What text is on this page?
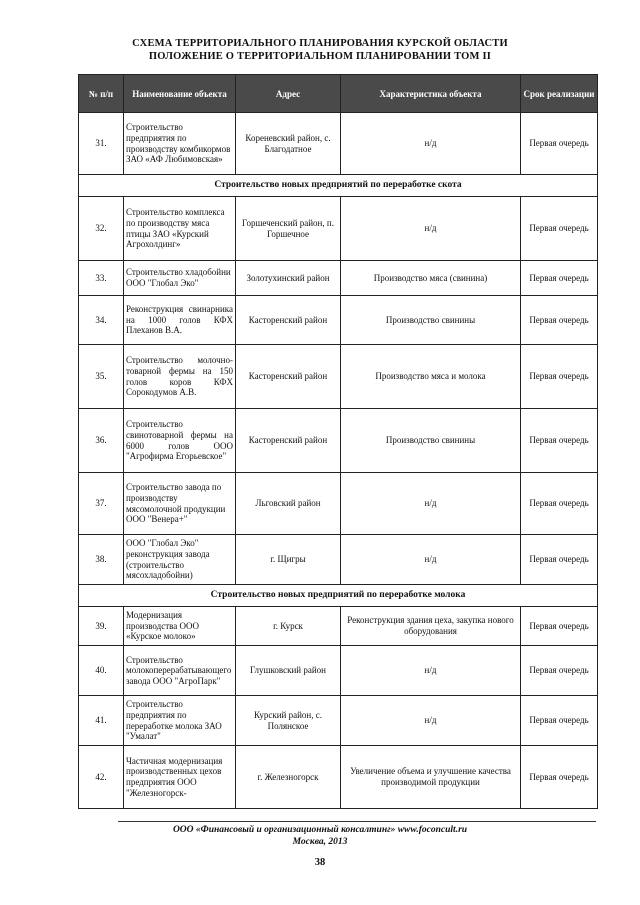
СХЕМА ТЕРРИТОРИАЛЬНОГО ПЛАНИРОВАНИЯ КУРСКОЙ ОБЛАСТИ
ПОЛОЖЕНИЕ О ТЕРРИТОРИАЛЬНОМ ПЛАНИРОВАНИИ ТОМ II
№ п/п	Наименование объекта	Адрес	Характеристика объекта	Срок реализации
31.	Строительство предприятия по производству комбикормов ЗАО «АФ Любимовская»	Кореневский район, с. Благодатное	н/д	Первая очередь
Строительство новых предприятий по переработке скота				
32.	Строительство комплекса по производству мяса птицы ЗАО «Курский Агрохолдинг»	Горшеченский район, п. Горшечное	н/д	Первая очередь
33.	Строительство хладобойни ООО "Глобал Эко"	Золотухинский район	Производство мяса (свинина)	Первая очередь
34.	Реконструкция свинарника на 1000 голов КФХ Плеханов В.А.	Касторенский район	Производство свинины	Первая очередь
35.	Строительство молочно-товарной фермы на 150 голов коров КФХ Сорокодумов А.В.	Касторенский район	Производство мяса и молока	Первая очередь
36.	Строительство свинотоварной фермы на 6000 голов ООО "Агрофирма Егорьевское"	Касторенский район	Производство свинины	Первая очередь
37.	Строительство завода по производству мясомолочной продукции ООО "Венера+"	Льговский район	н/д	Первая очередь
38.	ООО "Глобал Эко" реконструкция завода (строительство мясохладобойни)	г. Щигры	н/д	Первая очередь
Строительство новых предприятий по переработке молока				
39.	Модернизация производства ООО «Курское молоко»	г. Курск	Реконструкция здания цеха, закупка нового оборудования	Первая очередь
40.	Строительство молокоперерабатывающего завода ООО "АгроПарк"	Глушковский район	н/д	Первая очередь
41.	Строительство предприятия по переработке молока ЗАО "Умалат"	Курский район, с. Полянское	н/д	Первая очередь
42.	Частичная модернизация производственных цехов предприятия ООО "Железногорск-	г. Железногорск	Увеличение объема и улучшение качества производимой продукции	Первая очередь
ООО «Финансовый и организационный консалтинг» www.foconcult.ru
Москва, 2013
38
